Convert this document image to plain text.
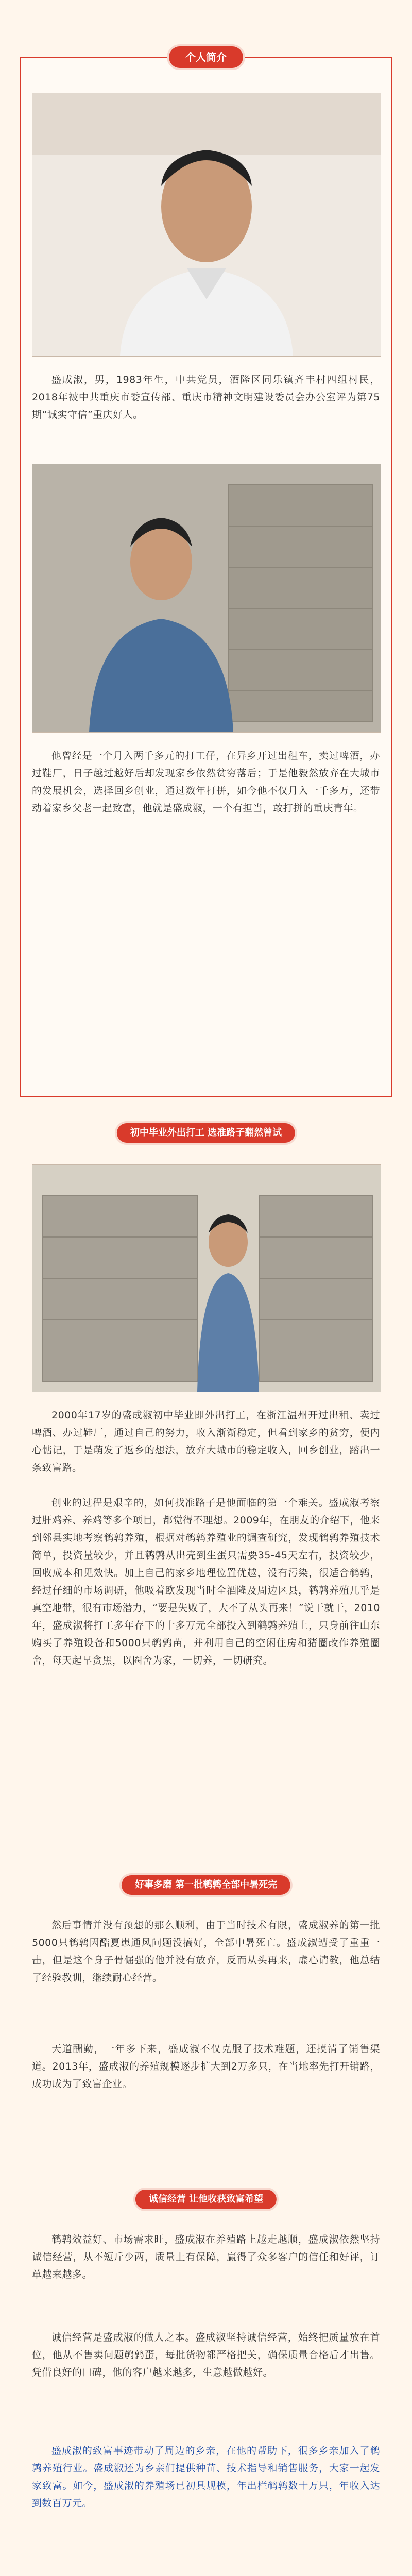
个人简介

盛成淑，男，1983年生，中共党员，酒隆区同乐镇齐丰村四组村民，2018年被中共重庆市委宣传部、重庆市精神文明建设委员会办公室评为第75期“诚实守信”重庆好人。

他曾经是一个月入两千多元的打工仔，在异乡开过出租车，卖过啤酒，办过鞋厂，日子越过越好后却发现家乡依然贫穷落后；于是他毅然放弃在大城市的发展机会，选择回乡创业，通过数年打拼，如今他不仅月入一千多万，还带动着家乡父老一起致富，他就是盛成淑，一个有担当，敢打拼的重庆青年。

初中毕业外出打工 选准路子翻然曾试

2000年17岁的盛成淑初中毕业即外出打工，在浙江温州开过出租、卖过啤酒、办过鞋厂，通过自己的努力，收入渐渐稳定，但看到家乡的贫穷，便内心惦记，于是萌发了返乡的想法，放弃大城市的稳定收入，回乡创业，踏出一条致富路。

创业的过程是艰辛的，如何找准路子是他面临的第一个难关。盛成淑考察过肝鸡养、养鸡等多个项目，都觉得不理想。2009年，在朋友的介绍下，他来到邻县实地考察鹌鹑养殖，根据对鹌鹑养殖业的调查研究，发现鹌鹑养殖技术简单，投资量较少，并且鹌鹑从出壳到生蛋只需要35-45天左右，投资较少，回收成本和见效快。加上自己的家乡地理位置优越，没有污染，很适合鹌鹑，经过仔细的市场调研，他吸着欧发现当时全酒隆及周边区县，鹌鹑养殖几乎是真空地带，很有市场潜力，“要是失败了，大不了从头再来！”说干就干，2010年，盛成淑将打工多年存下的十多万元全部投入到鹌鹑养殖上，只身前往山东购买了养殖设备和5000只鹌鹑苗，并利用自己的空闲住房和猪圈改作养殖圈舍，每天起早贪黑，以圈舍为家，一切养，一切研究。

好事多磨 第一批鹌鹑全部中暑死完

然后事情并没有预想的那么顺利，由于当时技术有限，盛成淑养的第一批5000只鹌鹑因酷夏患通风问题没搞好，全部中暑死亡。盛成淑遭受了重重一击，但是这个身子骨倔强的他并没有放弃，反而从头再来，虚心请教，他总结了经验教训，继续耐心经营。

天道酬勤，一年多下来，盛成淑不仅克服了技术难题，还摸清了销售渠道。2013年，盛成淑的养殖规模逐步扩大到2万多只，在当地率先打开销路，成功成为了致富企业。

诚信经营 让他收获致富希望

鹌鹑效益好、市场需求旺，盛成淑在养殖路上越走越顺，盛成淑依然坚持诚信经营，从不短斤少两，质量上有保障，赢得了众多客户的信任和好评，订单越来越多。

诚信经营是盛成淑的做人之本。盛成淑坚持诚信经营，始终把质量放在首位，他从不售卖问题鹌鹑蛋，每批货物都严格把关，确保质量合格后才出售。凭借良好的口碑，他的客户越来越多，生意越做越好。

盛成淑的致富事迹带动了周边的乡亲，在他的帮助下，很多乡亲加入了鹌鹑养殖行业。盛成淑还为乡亲们提供种苗、技术指导和销售服务，大家一起发家致富。如今，盛成淑的养殖场已初具规模，年出栏鹌鹑数十万只，年收入达到数百万元。
